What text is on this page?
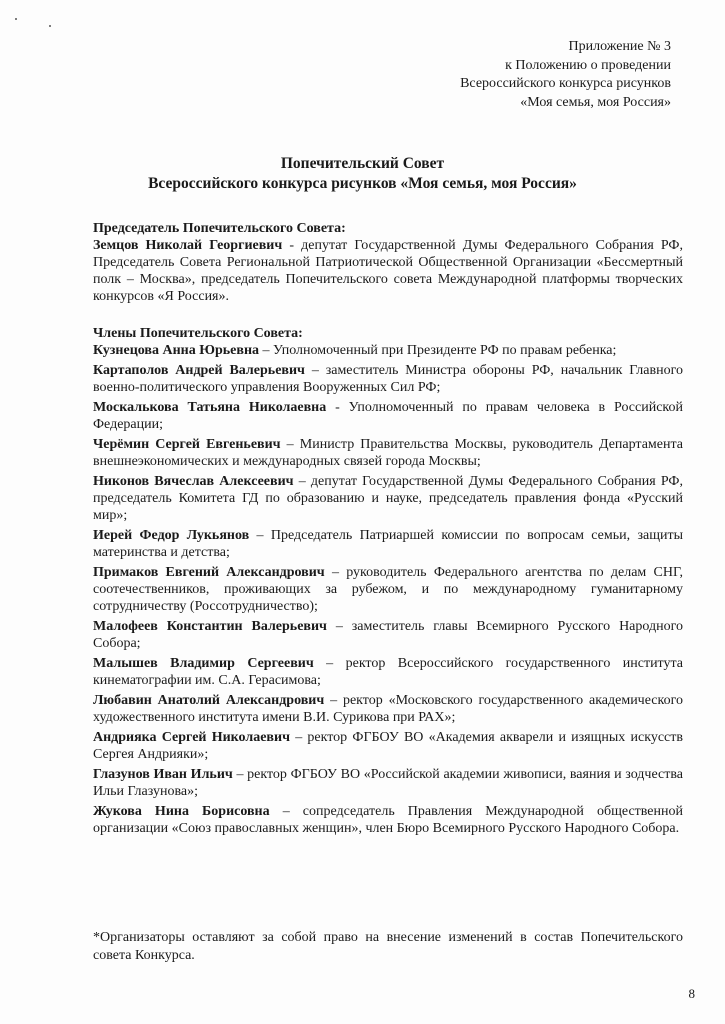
Приложение № 3
к Положению о проведении
Всероссийского конкурса рисунков
«Моя семья, моя Россия»
Попечительский Совет
Всероссийского конкурса рисунков «Моя семья, моя Россия»
Председатель Попечительского Совета:
Земцов Николай Георгиевич - депутат Государственной Думы Федерального Собрания РФ, Председатель Совета Региональной Патриотической Общественной Организации «Бессмертный полк – Москва», председатель Попечительского совета Международной платформы творческих конкурсов «Я Россия».
Члены Попечительского Совета:
Кузнецова Анна Юрьевна – Уполномоченный при Президенте РФ по правам ребенка;
Картаполов Андрей Валерьевич – заместитель Министра обороны РФ, начальник Главного военно-политического управления Вооруженных Сил РФ;
Москалькова Татьяна Николаевна - Уполномоченный по правам человека в Российской Федерации;
Черёмин Сергей Евгеньевич – Министр Правительства Москвы, руководитель Департамента внешнеэкономических и международных связей города Москвы;
Никонов Вячеслав Алексеевич – депутат Государственной Думы Федерального Собрания РФ, председатель Комитета ГД по образованию и науке, председатель правления фонда «Русский мир»;
Иерей Федор Лукьянов – Председатель Патриаршей комиссии по вопросам семьи, защиты материнства и детства;
Примаков Евгений Александрович – руководитель Федерального агентства по делам СНГ, соотечественников, проживающих за рубежом, и по международному гуманитарному сотрудничеству (Россотрудничество);
Малофеев Константин Валерьевич – заместитель главы Всемирного Русского Народного Собора;
Малышев Владимир Сергеевич – ректор Всероссийского государственного института кинематографии им. С.А. Герасимова;
Любавин Анатолий Александрович – ректор «Московского государственного академического художественного института имени В.И. Сурикова при РАХ»;
Андрияка Сергей Николаевич – ректор ФГБОУ ВО «Академия акварели и изящных искусств Сергея Андрияки»;
Глазунов Иван Ильич – ректор ФГБОУ ВО «Российской академии живописи, ваяния и зодчества Ильи Глазунова»;
Жукова Нина Борисовна – сопредседатель Правления Международной общественной организации «Союз православных женщин», член Бюро Всемирного Русского Народного Собора.
*Организаторы оставляют за собой право на внесение изменений в состав Попечительского совета Конкурса.
8
